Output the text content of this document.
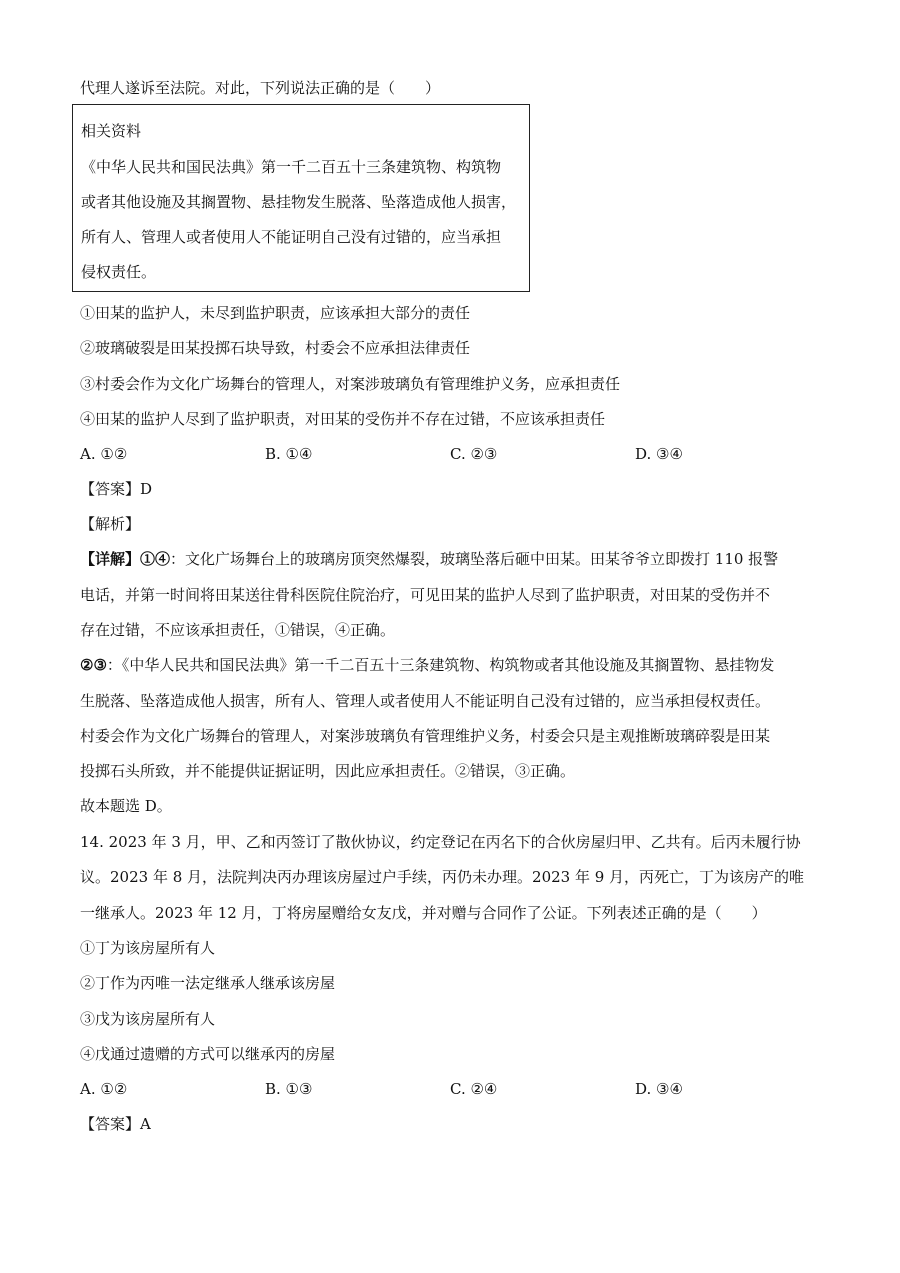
代理人遂诉至法院。对此，下列说法正确的是（　　）
相关资料
《中华人民共和国民法典》第一千二百五十三条建筑物、构筑物
或者其他设施及其搁置物、悬挂物发生脱落、坠落造成他人损害，
所有人、管理人或者使用人不能证明自己没有过错的，应当承担
侵权责任。
①田某的监护人，未尽到监护职责，应该承担大部分的责任
②玻璃破裂是田某投掷石块导致，村委会不应承担法律责任
③村委会作为文化广场舞台的管理人，对案涉玻璃负有管理维护义务，应承担责任
④田某的监护人尽到了监护职责，对田某的受伤并不存在过错，不应该承担责任
A. ①②	B. ①④	C. ②③	D. ③④
【答案】D
【解析】
【详解】①④：文化广场舞台上的玻璃房顶突然爆裂，玻璃坠落后砸中田某。田某爷爷立即拨打 110 报警
电话，并第一时间将田某送往骨科医院住院治疗，可见田某的监护人尽到了监护职责，对田某的受伤并不
存在过错，不应该承担责任，①错误，④正确。
②③：《中华人民共和国民法典》第一千二百五十三条建筑物、构筑物或者其他设施及其搁置物、悬挂物发
生脱落、坠落造成他人损害，所有人、管理人或者使用人不能证明自己没有过错的，应当承担侵权责任。
村委会作为文化广场舞台的管理人，对案涉玻璃负有管理维护义务，村委会只是主观推断玻璃碎裂是田某
投掷石头所致，并不能提供证据证明，因此应承担责任。②错误，③正确。
故本题选 D。
14. 2023 年 3 月，甲、乙和丙签订了散伙协议，约定登记在丙名下的合伙房屋归甲、乙共有。后丙未履行协
议。2023 年 8 月，法院判决丙办理该房屋过户手续，丙仍未办理。2023 年 9 月，丙死亡，丁为该房产的唯
一继承人。2023 年 12 月，丁将房屋赠给女友戊，并对赠与合同作了公证。下列表述正确的是（　　）
①丁为该房屋所有人
②丁作为丙唯一法定继承人继承该房屋
③戊为该房屋所有人
④戊通过遗赠的方式可以继承丙的房屋
A. ①②	B. ①③	C. ②④	D. ③④
【答案】A
